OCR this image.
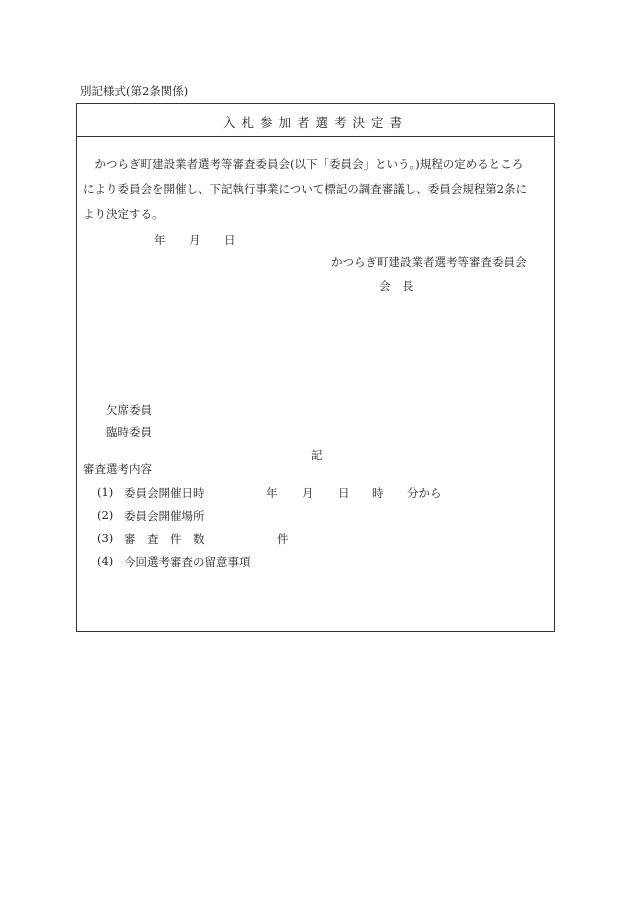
別記様式(第2条関係)
入札参加者選考決定書
　かつらぎ町建設業者選考等審査委員会(以下「委員会」という。)規程の定めるところ
により委員会を開催し、下記執行事業について標記の調査審議し、委員会規程第2条に
より決定する。
年 月 日
かつらぎ町建設業者選考等審査委員会
会　長
欠席委員
臨時委員
記
審査選考内容
(1) 委員会開催日時	年 月 日 時 分から
(2) 委員会開催場所
(3) 審　査　件　数	件
(4) 今回選考審査の留意事項
